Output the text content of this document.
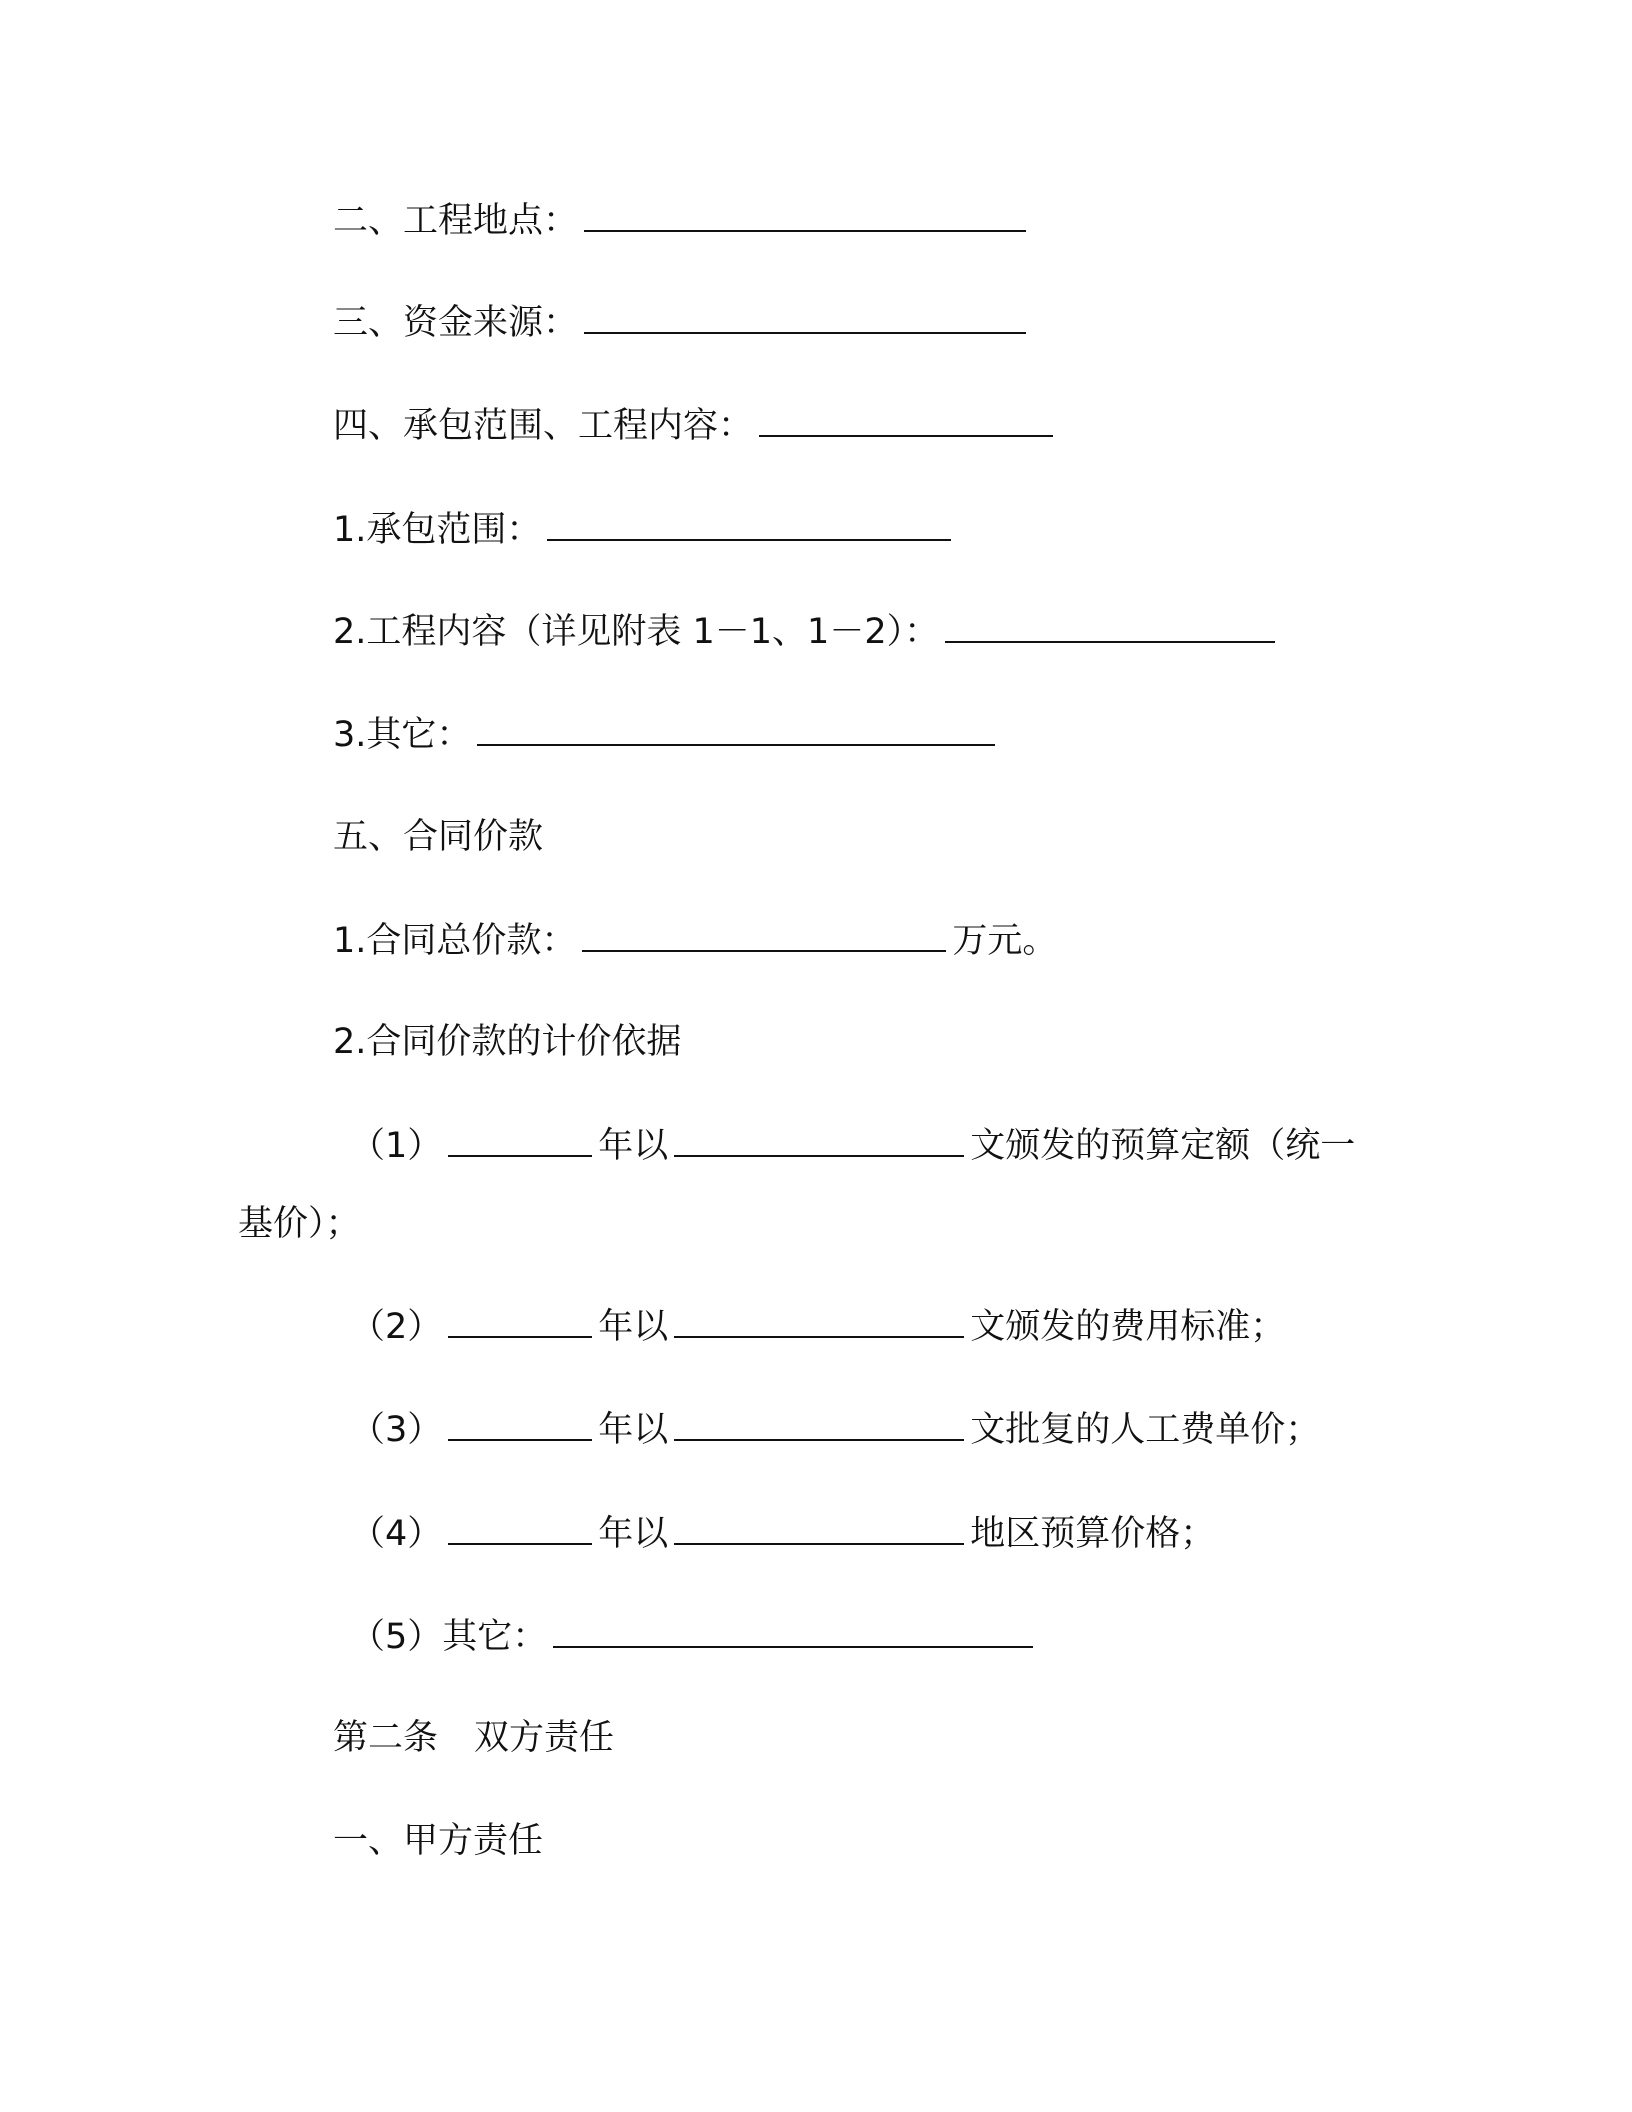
二、工程地点：
三、资金来源：
四、承包范围、工程内容：
1.承包范围：
2.工程内容（详见附表 1－1、1－2）：
3.其它：
五、合同价款
1.合同总价款：	万元。
2.合同价款的计价依据
（1）	年以	文颁发的预算定额（统一
基价）；
（2）	年以	文颁发的费用标准；
（3）	年以	文批复的人工费单价；
（4）	年以	地区预算价格；
（5）其它：
第二条 双方责任
一、甲方责任
